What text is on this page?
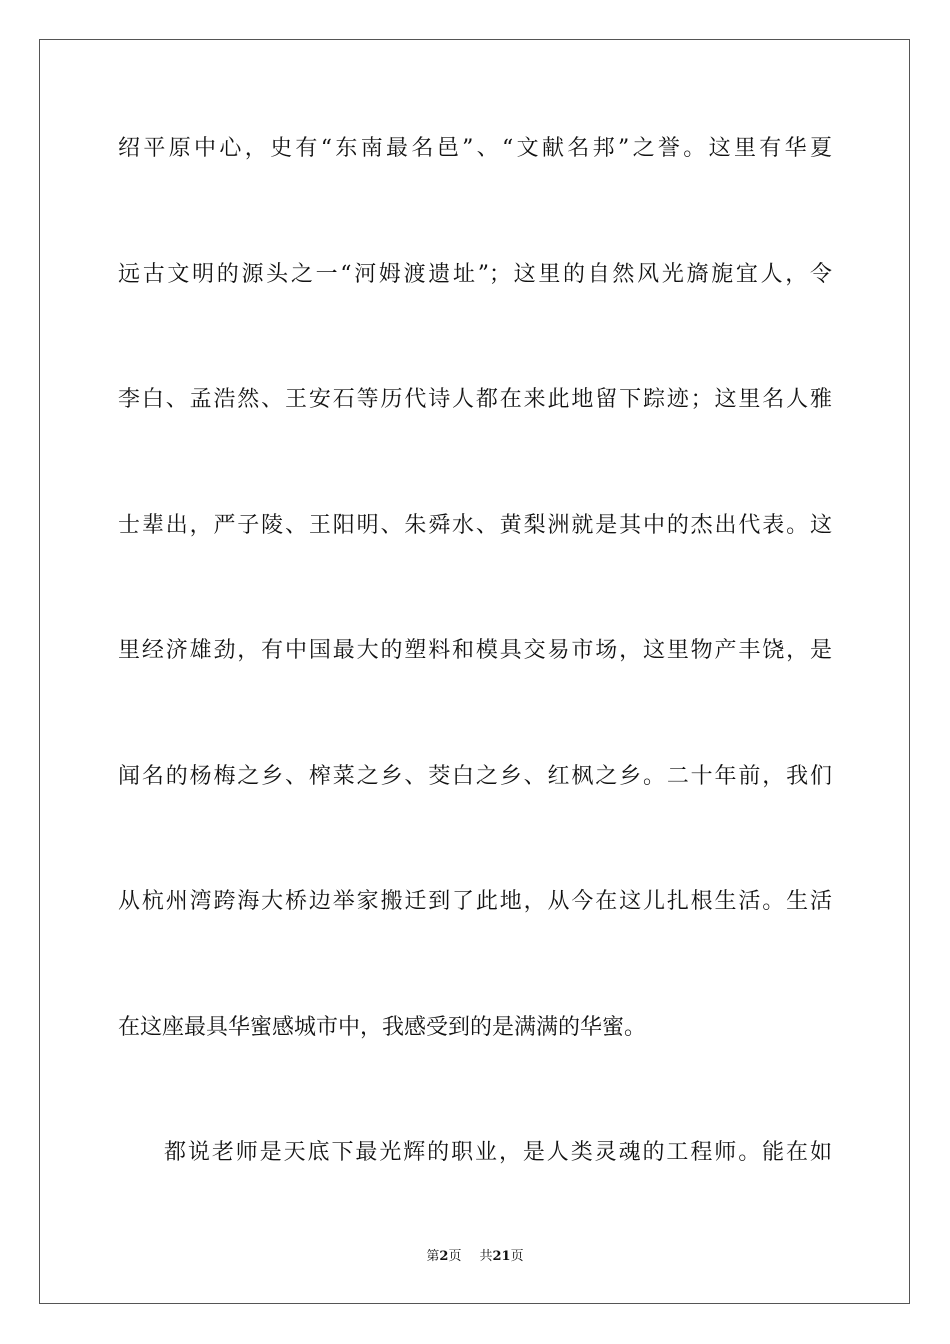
绍平原中心，史有“东南最名邑”、“文献名邦”之誉。这里有华夏

远古文明的源头之一“河姆渡遗址”；这里的自然风光旖旎宜人，令

李白、孟浩然、王安石等历代诗人都在来此地留下踪迹；这里名人雅

士辈出，严子陵、王阳明、朱舜水、黄梨洲就是其中的杰出代表。这

里经济雄劲，有中国最大的塑料和模具交易市场，这里物产丰饶，是

闻名的杨梅之乡、榨菜之乡、茭白之乡、红枫之乡。二十年前，我们

从杭州湾跨海大桥边举家搬迁到了此地，从今在这儿扎根生活。生活

在这座最具华蜜感城市中，我感受到的是满满的华蜜。

都说老师是天底下最光辉的职业，是人类灵魂的工程师。能在如

第2页 共21页
